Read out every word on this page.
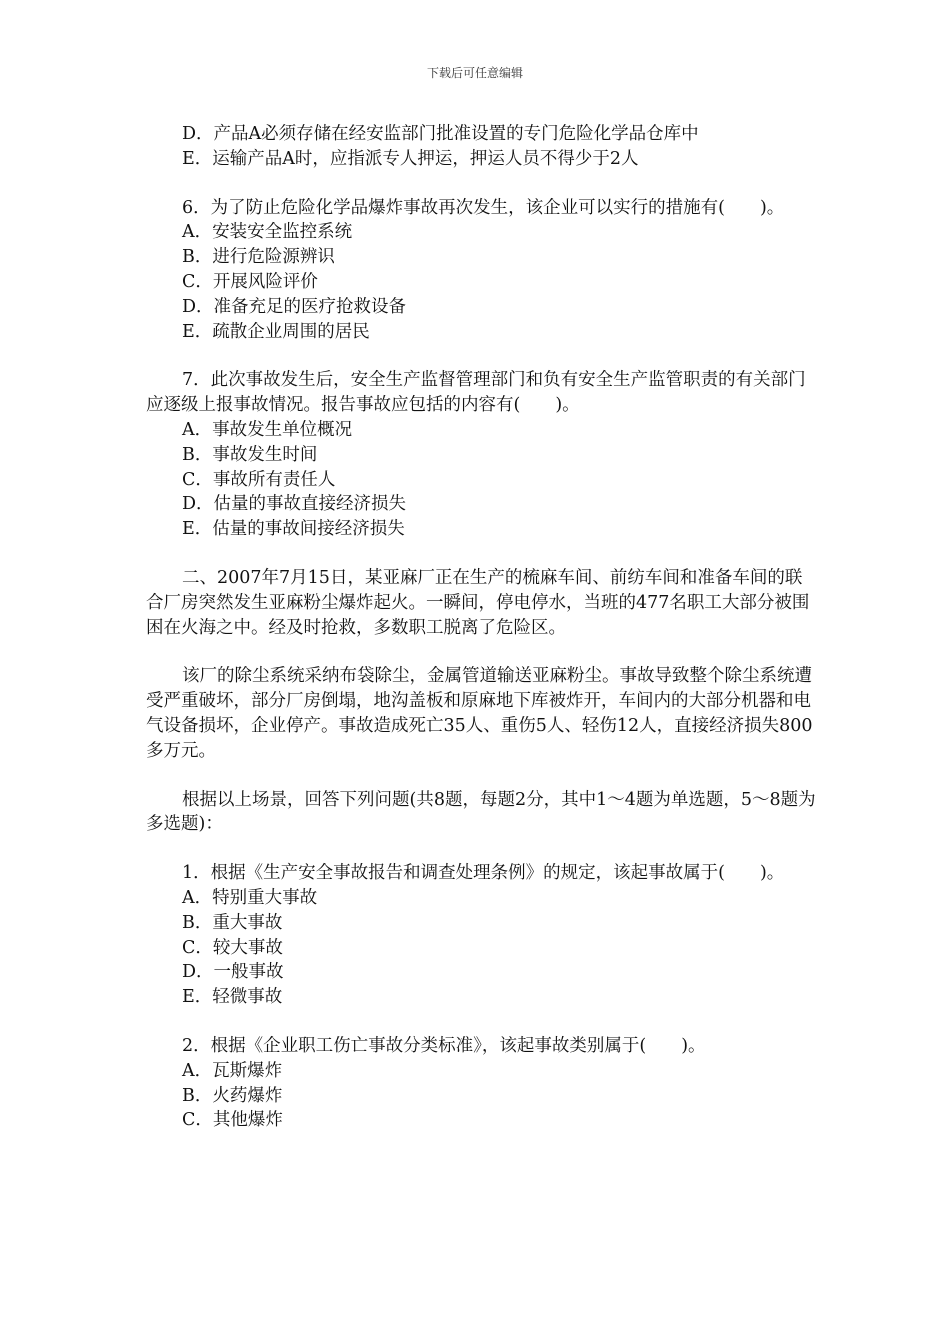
下载后可任意编辑
D．产品A必须存储在经安监部门批准设置的专门危险化学品仓库中
E．运输产品A时，应指派专人押运，押运人员不得少于2人
6．为了防止危险化学品爆炸事故再次发生，该企业可以实行的措施有(　　)。
A．安装安全监控系统
B．进行危险源辨识
C．开展风险评价
D．准备充足的医疗抢救设备
E．疏散企业周围的居民
7．此次事故发生后，安全生产监督管理部门和负有安全生产监管职责的有关部门应逐级上报事故情况。报告事故应包括的内容有(　　)。
A．事故发生单位概况
B．事故发生时间
C．事故所有责任人
D．估量的事故直接经济损失
E．估量的事故间接经济损失
二、2007年7月15日，某亚麻厂正在生产的梳麻车间、前纺车间和准备车间的联合厂房突然发生亚麻粉尘爆炸起火。一瞬间，停电停水，当班的477名职工大部分被围困在火海之中。经及时抢救，多数职工脱离了危险区。
该厂的除尘系统采纳布袋除尘，金属管道输送亚麻粉尘。事故导致整个除尘系统遭受严重破坏，部分厂房倒塌，地沟盖板和原麻地下库被炸开，车间内的大部分机器和电气设备损坏，企业停产。事故造成死亡35人、重伤5人、轻伤12人，直接经济损失800多万元。
根据以上场景，回答下列问题(共8题，每题2分，其中1～4题为单选题，5～8题为多选题)：
1．根据《生产安全事故报告和调查处理条例》的规定，该起事故属于(　　)。
A．特别重大事故
B．重大事故
C．较大事故
D．一般事故
E．轻微事故
2．根据《企业职工伤亡事故分类标准》，该起事故类别属于(　　)。
A．瓦斯爆炸
B．火药爆炸
C．其他爆炸
